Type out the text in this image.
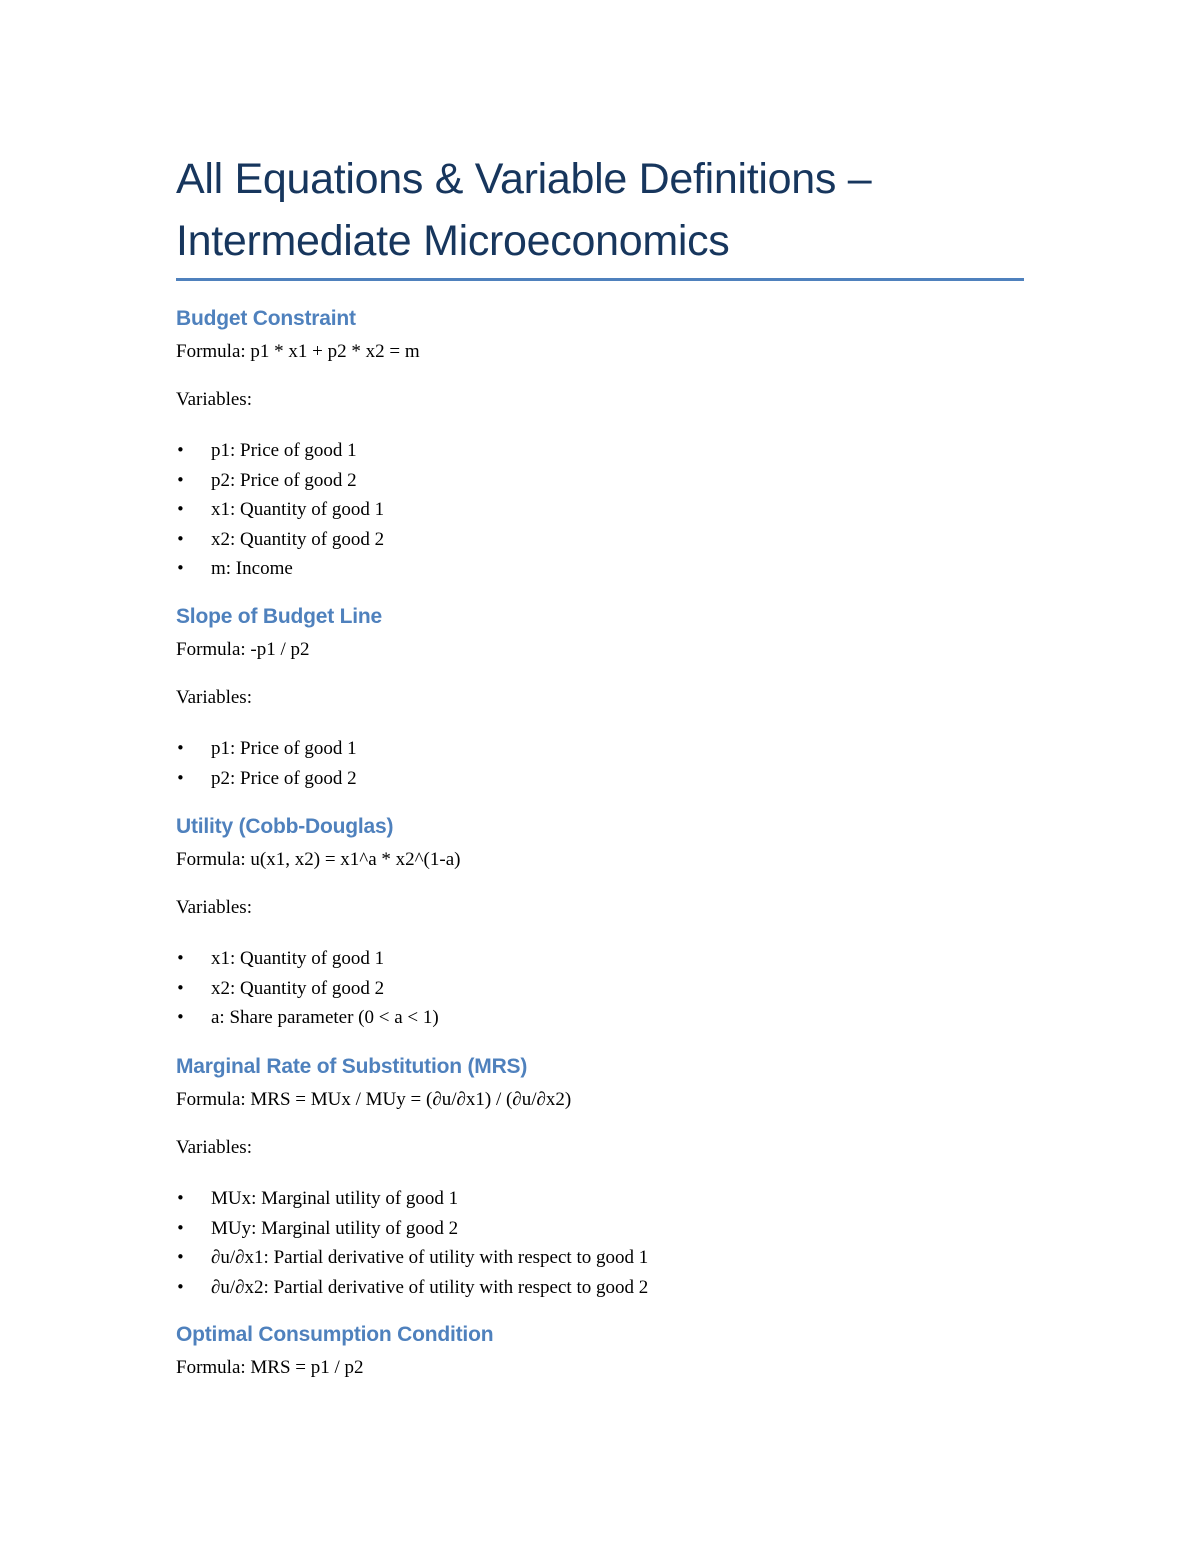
All Equations & Variable Definitions –
Intermediate Microeconomics
Budget Constraint

Formula: p1 * x1 + p2 * x2 = m

Variables:

• p1: Price of good 1
• p2: Price of good 2
• x1: Quantity of good 1
• x2: Quantity of good 2
• m: Income
Slope of Budget Line

Formula: -p1 / p2

Variables:

• p1: Price of good 1
• p2: Price of good 2
Utility (Cobb-Douglas)

Formula: u(x1, x2) = x1^a * x2^(1-a)

Variables:

• x1: Quantity of good 1
• x2: Quantity of good 2
• a: Share parameter (0 < a < 1)
Marginal Rate of Substitution (MRS)

Formula: MRS = MUx / MUy = (∂u/∂x1) / (∂u/∂x2)

Variables:

• MUx: Marginal utility of good 1
• MUy: Marginal utility of good 2
• ∂u/∂x1: Partial derivative of utility with respect to good 1
• ∂u/∂x2: Partial derivative of utility with respect to good 2
Optimal Consumption Condition

Formula: MRS = p1 / p2
